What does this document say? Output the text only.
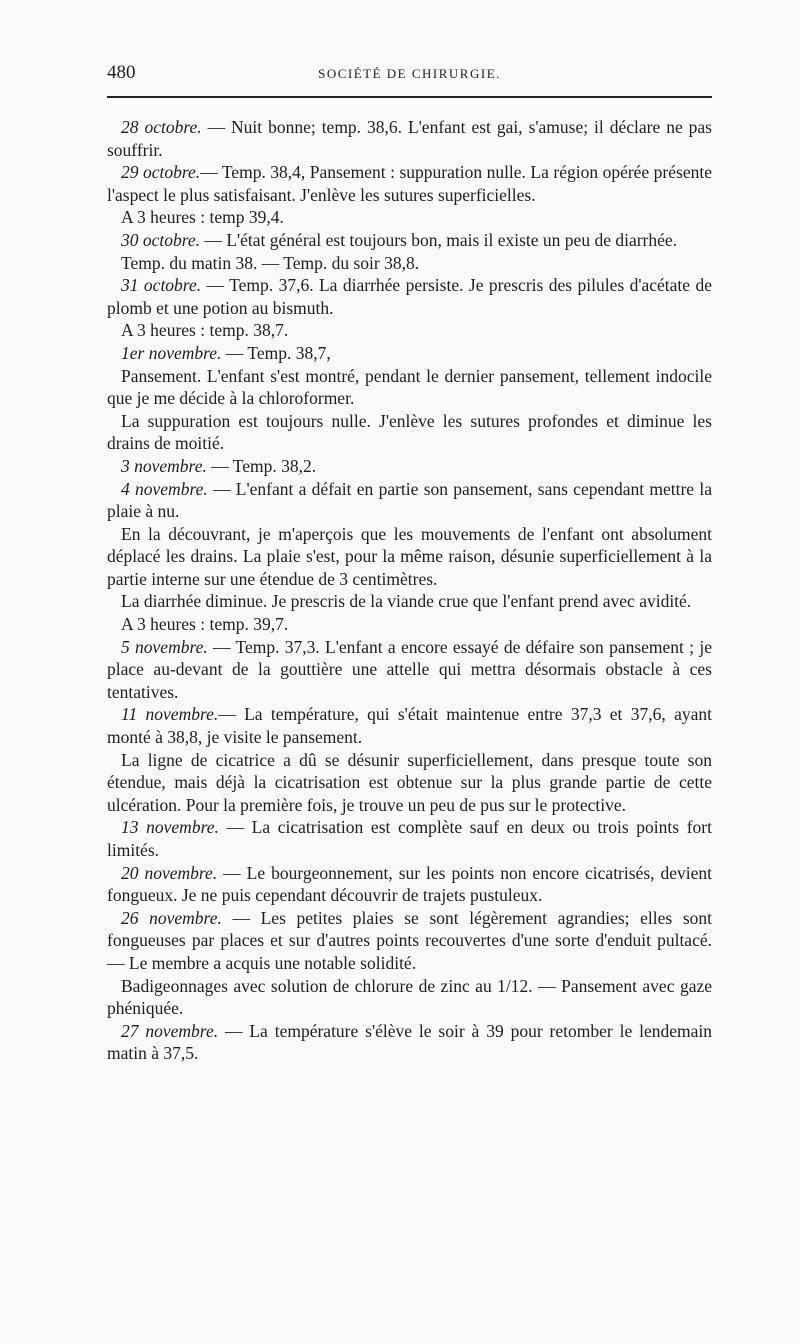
480	SOCIÉTÉ DE CHIRURGIE.

28 octobre. — Nuit bonne; temp. 38,6. L'enfant est gai, s'amuse; il déclare ne pas souffrir.

29 octobre.— Temp. 38,4, Pansement : suppuration nulle. La région opérée présente l'aspect le plus satisfaisant. J'enlève les sutures superficielles.

A 3 heures : temp 39,4.

30 octobre. — L'état général est toujours bon, mais il existe un peu de diarrhée.

Temp. du matin 38. — Temp. du soir 38,8.

31 octobre. — Temp. 37,6. La diarrhée persiste. Je prescris des pilules d'acétate de plomb et une potion au bismuth.

A 3 heures : temp. 38,7.

1er novembre. — Temp. 38,7,

Pansement. L'enfant s'est montré, pendant le dernier pansement, tellement indocile que je me décide à la chloroformer.

La suppuration est toujours nulle. J'enlève les sutures profondes et diminue les drains de moitié.

3 novembre. — Temp. 38,2.

4 novembre. — L'enfant a défait en partie son pansement, sans cependant mettre la plaie à nu.

En la découvrant, je m'aperçois que les mouvements de l'enfant ont absolument déplacé les drains. La plaie s'est, pour la même raison, désunie superficiellement à la partie interne sur une étendue de 3 centimètres.

La diarrhée diminue. Je prescris de la viande crue que l'enfant prend avec avidité.

A 3 heures : temp. 39,7.

5 novembre. — Temp. 37,3. L'enfant a encore essayé de défaire son pansement ; je place au-devant de la gouttière une attelle qui mettra désormais obstacle à ces tentatives.

11 novembre.— La température, qui s'était maintenue entre 37,3 et 37,6, ayant monté à 38,8, je visite le pansement.

La ligne de cicatrice a dû se désunir superficiellement, dans presque toute son étendue, mais déjà la cicatrisation est obtenue sur la plus grande partie de cette ulcération. Pour la première fois, je trouve un peu de pus sur le protective.

13 novembre. — La cicatrisation est complète sauf en deux ou trois points fort limités.

20 novembre. — Le bourgeonnement, sur les points non encore cicatrisés, devient fongueux. Je ne puis cependant découvrir de trajets pustuleux.

26 novembre. — Les petites plaies se sont légèrement agrandies; elles sont fongueuses par places et sur d'autres points recouvertes d'une sorte d'enduit pultacé. — Le membre a acquis une notable solidité.

Badigeonnages avec solution de chlorure de zinc au 1/12. — Pansement avec gaze phéniquée.

27 novembre. — La température s'élève le soir à 39 pour retomber le lendemain matin à 37,5.
